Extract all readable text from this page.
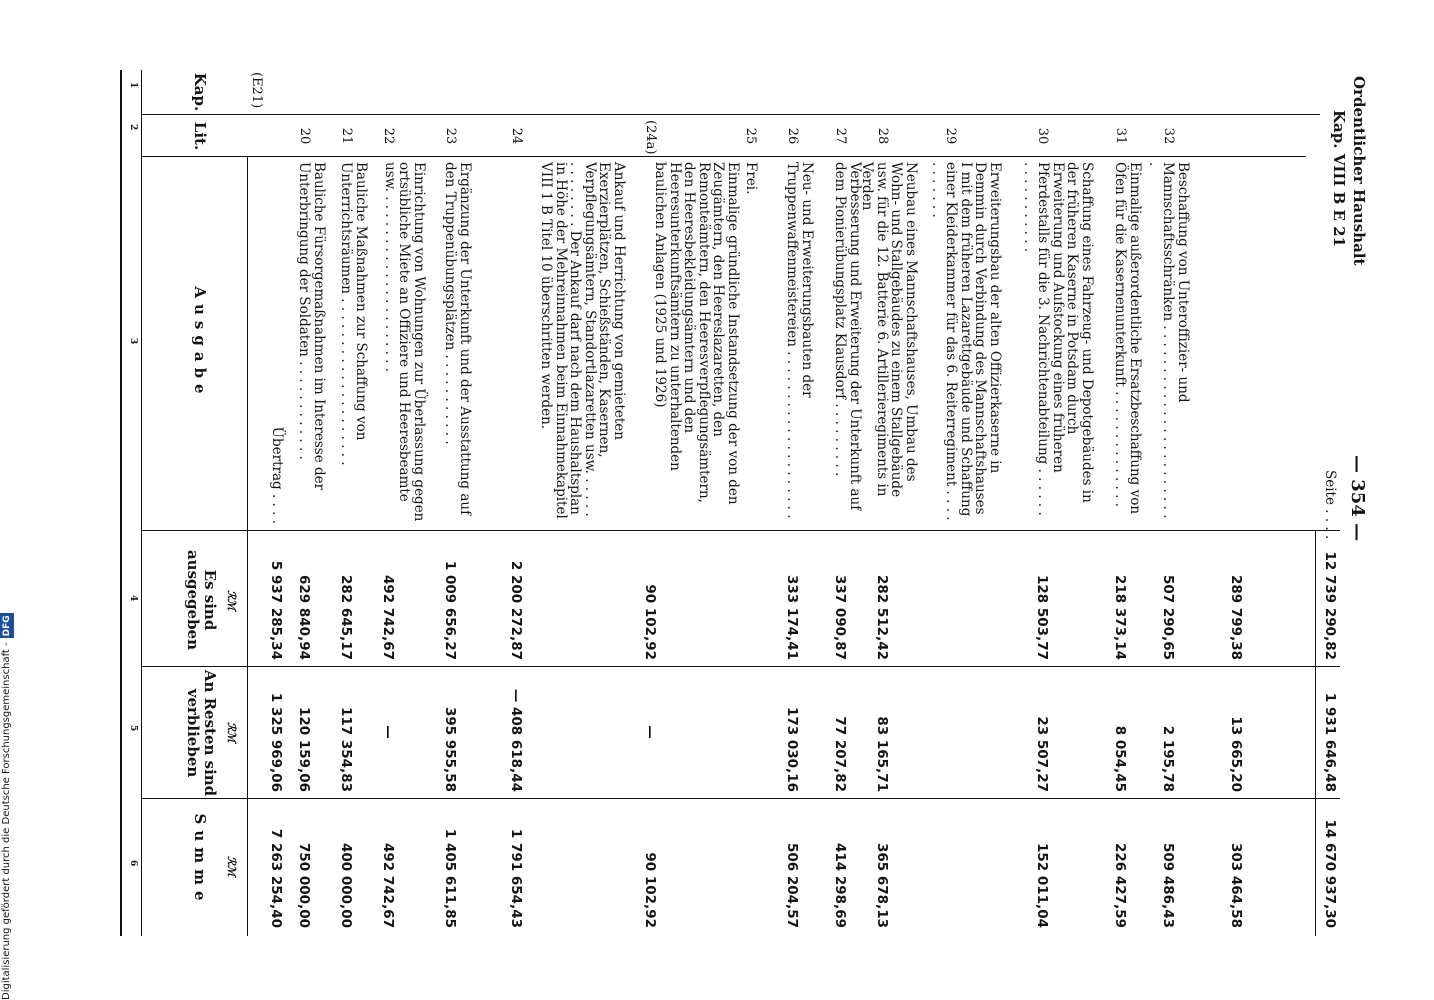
Digitalisierung gefördert durch die Deutsche Forschungsgemeinschaft -DFG
Ordentlicher Haushalt
Kap. VIII B E 21
— 354 —
1
2
3
4
5
6
Kap.
Lit.
Ausgabe
Es sind ausgegeben
An Resten sind verblieben
Summe
ℛℳ
ℛℳ
ℛℳ
(E21)
Übertrag . . . .
5 937 285,34
1 325 969,06
7 263 254,40
20
Bauliche Fürsorgemaßnahmen im Interesse der Unterbringung der Soldaten . . . . . . . . . . . .
629 840,94
120 159,06
750 000,00
21
Bauliche Maßnahmen zur Schaffung von Unterrichtsräumen . . . . . . . . . . . . . . . . . . . .
282 645,17
117 354,83
400 000,00
22
Einrichtung von Wohnungen zur Überlassung gegen ortsübliche Miete an Offiziere und Heeresbeamte usw. . . . . . . . . . . . . . . . . . . . . .
492 742,67
—
492 742,67
23
Ergänzung der Unterkunft und der Ausstattung auf den Truppenübungsplätzen . . . . . . . . . . .
1 009 656,27
395 955,58
1 405 611,85
24
Ankauf und Herrichtung von gemieteten Exerzierplätzen, Schießständen, Kasernen, Verpflegungsämtern, Standortlazaretten usw. . . . . . . . . . . . . . Der Ankauf darf nach dem Haushaltsplan in Höhe der Mehreinnahmen beim Einnahmekapitel VIII 1 B Titel 10 überschritten werden.
2 200 272,87
— 408 618,44
1 791 654,43
(24a)
Einmalige gründliche Instandsetzung der von den Zeugämtern, den Heereslazaretten, den Remonteämtern, den Heeresverpflegungsämtern, den Heeresbekleidungsämtern und den Heeresunterkunftsämtern zu unterhaltenden baulichen Anlagen (1925 und 1926)
90 102,92
—
90 102,92
25
Frei.
26
Neu- und Erweiterungsbauten der Truppenwaffenmeistereien . . . . . . . . . . . . . . . . . . . .
333 174,41
173 030,16
506 204,57
27
Verbesserung und Erweiterung der Unterkunft auf dem Pionierübungsplatz Klausdorf . . . . . . . . .
337 090,87
77 207,82
414 298,69
28
Neubau eines Mannschaftshauses, Umbau des Wohn- und Stallgebäudes zu einem Stallgebäude usw. für die 12. Batterie 6. Artillerieregiments in Verden
282 512,42
83 165,71
365 678,13
29
Erweiterungsbau der alten Offizierkaserne in Demmin durch Verbindung des Mannschaftshauses I mit dem früheren Lazarettgebäude und Schaffung einer Kleiderkammer für das 6. Reiterregiment . . . . . . . . . . .
30
Schaffung eines Fahrzeug- und Depotgebäudes in der früheren Kaserne in Potsdam durch Erweiterung und Aufstockung eines früheren Pferdestalls für die 3. Nachrichtenabteilung . . . . . . . . . . . . . . . . .
128 503,77
23 507,27
152 011,04
31
Einmalige außerordentliche Ersatzbeschaffung von Öfen für die Kasernenunterkunft . . . . . . . . . . . . . .
218 373,14
8 054,45
226 427,59
32
Beschaffung von Unteroffizier- und Mannschaftsschränken . . . . . . . . . . . . . . . . . . . . . . . .
507 290,65
2 195,78
509 486,43
289 799,38
Seite . . . .
12 739 290,82
1 931 646,48
14 670 937,30
13 665,20
303 464,58
